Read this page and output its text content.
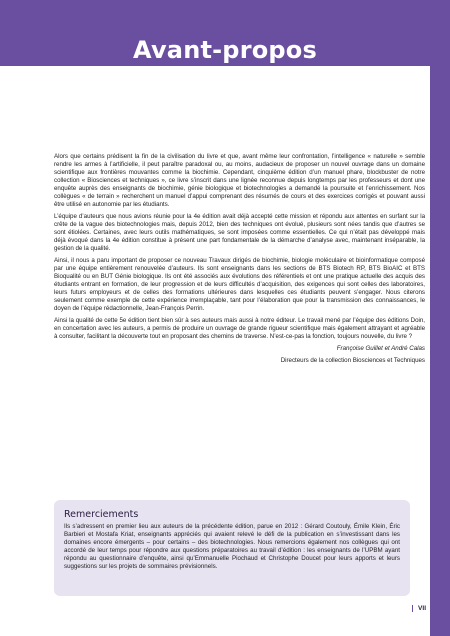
Avant-propos

Alors que certains prédisent la fin de la civilisation du livre et que, avant même leur confrontation, l’intelligence « naturelle » semble rendre les armes à l’artificielle, il peut paraître paradoxal ou, au moins, audacieux de proposer un nouvel ouvrage dans un domaine scientifique aux frontières mouvantes comme la biochimie. Cependant, cinquième édition d’un manuel phare, blockbuster de notre collection « Biosciences et techniques », ce livre s’inscrit dans une lignée reconnue depuis longtemps par les professeurs et dont une enquête auprès des enseignants de biochimie, génie biologique et biotechnologies a demandé la poursuite et l’enrichissement. Nos collègues « de terrain » recherchent un manuel d’appui comprenant des résumés de cours et des exercices corrigés et pouvant aussi être utilisé en autonomie par les étudiants.

L’équipe d’auteurs que nous avions réunie pour la 4e édition avait déjà accepté cette mission et répondu aux attentes en surfant sur la crête de la vague des biotechnologies mais, depuis 2012, bien des techniques ont évolué, plusieurs sont nées tandis que d’autres se sont étiolées. Certaines, avec leurs outils mathématiques, se sont imposées comme essentielles. Ce qui n’était pas développé mais déjà évoqué dans la 4e édition constitue à présent une part fondamentale de la démarche d’analyse avec, maintenant inséparable, la gestion de la qualité.

Ainsi, il nous a paru important de proposer ce nouveau Travaux dirigés de biochimie, biologie moléculaire et bioinformatique composé par une équipe entièrement renouvelée d’auteurs. Ils sont enseignants dans les sections de BTS Biotech RP, BTS BioAIC et BTS Bioqualité ou en BUT Génie biologique. Ils ont été associés aux évolutions des référentiels et ont une pratique actuelle des acquis des étudiants entrant en formation, de leur progression et de leurs difficultés d’acquisition, des exigences qui sont celles des laboratoires, leurs futurs employeurs et de celles des formations ultérieures dans lesquelles ces étudiants peuvent s’engager. Nous citerons seulement comme exemple de cette expérience irremplaçable, tant pour l’élaboration que pour la transmission des connaissances, le doyen de l’équipe rédactionnelle, Jean-François Perrin.

Ainsi la qualité de cette 5e édition tient bien sûr à ses auteurs mais aussi à notre éditeur. Le travail mené par l’équipe des éditions Doin, en concertation avec les auteurs, a permis de produire un ouvrage de grande rigueur scientifique mais également attrayant et agréable à consulter, facilitant la découverte tout en proposant des chemins de traverse. N’est-ce-pas la fonction, toujours nouvelle, du livre ?

Françoise Guillet et André Calas

Directeurs de la collection Biosciences et Techniques

Remerciements

Ils s’adressent en premier lieu aux auteurs de la précédente édition, parue en 2012 : Gérard Coutouly, Émile Klein, Éric Barbieri et Mostafa Kriat, enseignants appréciés qui avaient relevé le défi de la publication en s’investissant dans les domaines encore émergents – pour certains – des biotechnologies. Nous remercions également nos collègues qui ont accordé de leur temps pour répondre aux questions préparatoires au travail d’édition : les enseignants de l’UPBM ayant répondu au questionnaire d’enquête, ainsi qu’Emmanuelle Piochaud et Christophe Doucet pour leurs apports et leurs suggestions sur les projets de sommaires prévisionnels.

VII
